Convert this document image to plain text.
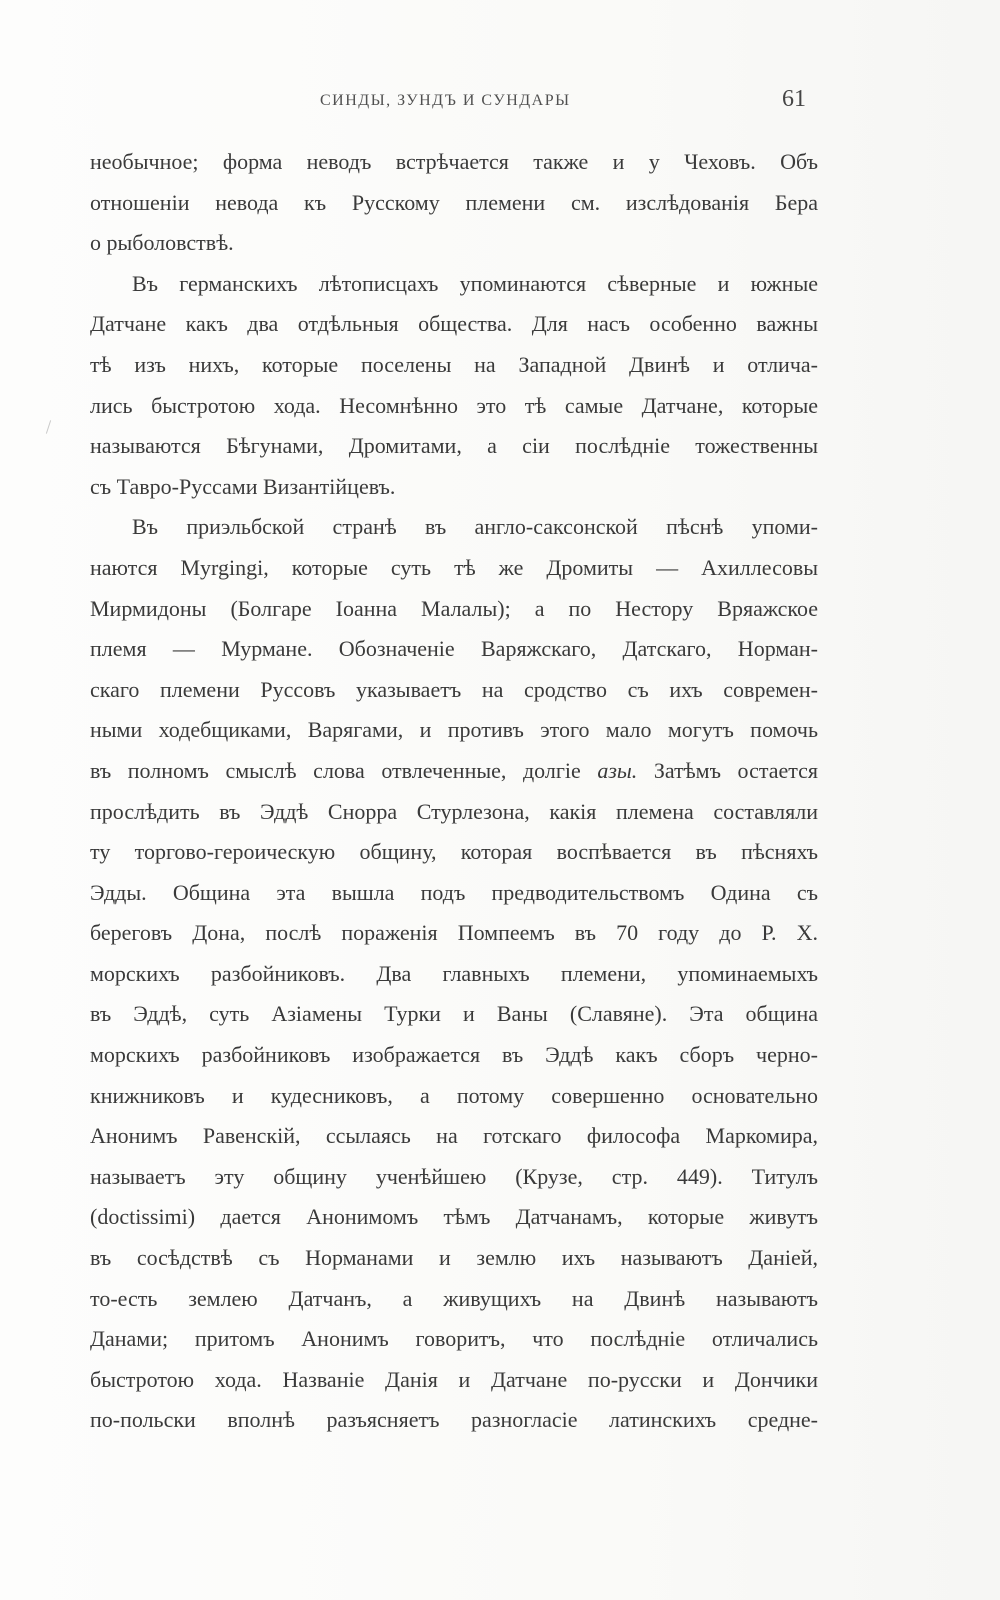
СИНДЫ, ЗУНДЪ И СУНДАРЫ	61
необычное; форма неводъ встрѣчается также и у Чеховъ. Объ
отношеніи невода къ Русскому племени см. изслѣдованія Бера
о рыболовствѣ.
Въ германскихъ лѣтописцахъ упоминаются сѣверные и южные
Датчане какъ два отдѣльныя общества. Для насъ особенно важны
тѣ изъ нихъ, которые поселены на Западной Двинѣ и отлича-
лись быстротою хода. Несомнѣнно это тѣ самые Датчане, которые
называются Бѣгунами, Дромитами, а сіи послѣдніе тожественны
съ Тавро-Руссами Византійцевъ.
Въ приэльбской странѣ въ англо-саксонской пѣснѣ упоми-
наются Myrgingi, которые суть тѣ же Дромиты — Ахиллесовы
Мирмидоны (Болгаре Іоанна Малалы); а по Нестору Вряажское
племя — Мурмане. Обозначеніе Варяжскаго, Датскаго, Норман-
скаго племени Руссовъ указываетъ на сродство съ ихъ современ-
ными ходебщиками, Варягами, и противъ этого мало могутъ помочь
въ полномъ смыслѣ слова отвлеченные, долгіе азы. Затѣмъ остается
прослѣдить въ Эддѣ Снорра Стурлезона, какія племена составляли
ту торгово-героическую общину, которая воспѣвается въ пѣсняхъ
Эдды. Община эта вышла подъ предводительствомъ Одина съ
береговъ Дона, послѣ пораженія Помпеемъ въ 70 году до Р. Х.
морскихъ разбойниковъ. Два главныхъ племени, упоминаемыхъ
въ Эддѣ, суть Азіамены Турки и Ваны (Славяне). Эта община
морскихъ разбойниковъ изображается въ Эддѣ какъ сборъ черно-
книжниковъ и кудесниковъ, а потому совершенно основательно
Анонимъ Равенскій, ссылаясь на готскаго философа Маркомира,
называетъ эту общину ученѣйшею (Крузе, стр. 449). Титулъ
(doctissimi) дается Анонимомъ тѣмъ Датчанамъ, которые живутъ
въ сосѣдствѣ съ Норманами и землю ихъ называютъ Даніей,
то-есть землею Датчанъ, а живущихъ на Двинѣ называютъ
Данами; притомъ Анонимъ говоритъ, что послѣдніе отличались
быстротою хода. Названіе Данія и Датчане по-русски и Дончики
по-польски вполнѣ разъясняетъ разногласіе латинскихъ средне-
